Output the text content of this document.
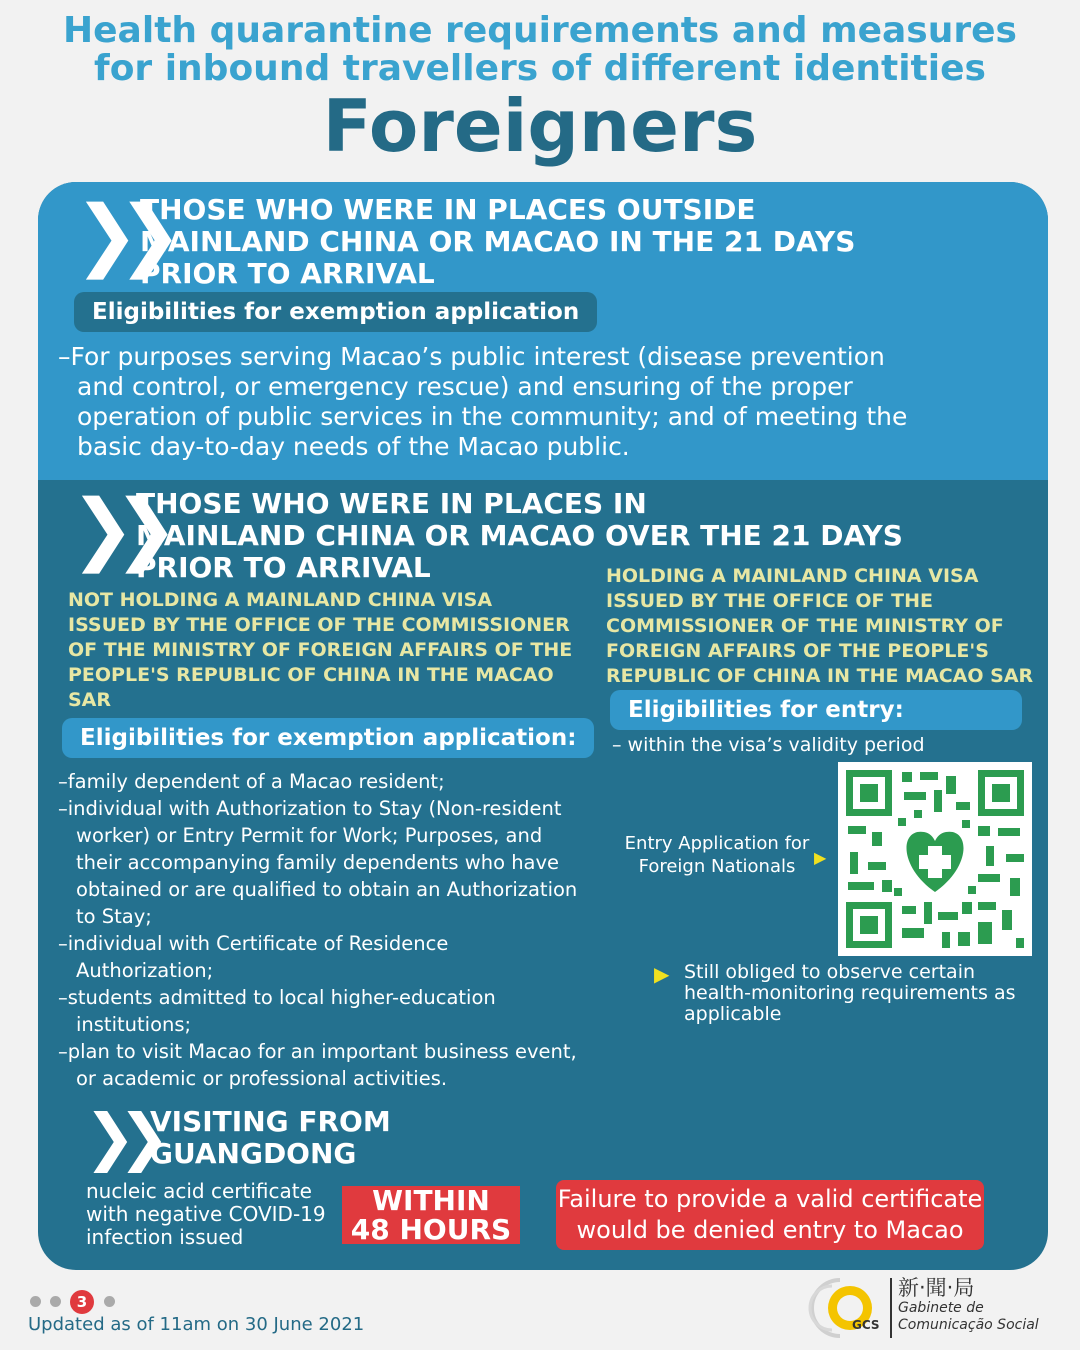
Health quarantine requirements and measures
for inbound travellers of different identities
Foreigners
❯❯
THOSE WHO WERE IN PLACES OUTSIDE
MAINLAND CHINA OR MACAO IN THE 21 DAYS
PRIOR TO ARRIVAL
Eligibilities for exemption application
–For purposes serving Macao’s public interest (disease prevention
and control, or emergency rescue) and ensuring of the proper
operation of public services in the community; and of meeting the
basic day-to-day needs of the Macao public.
❯❯
THOSE WHO WERE IN PLACES IN
MAINLAND CHINA OR MACAO OVER THE 21 DAYS
PRIOR TO ARRIVAL
NOT HOLDING A MAINLAND CHINA VISA
ISSUED BY THE OFFICE OF THE COMMISSIONER
OF THE MINISTRY OF FOREIGN AFFAIRS OF THE
PEOPLE'S REPUBLIC OF CHINA IN THE MACAO
SAR
Eligibilities for exemption application:
–family dependent of a Macao resident;
–individual with Authorization to Stay (Non-resident worker) or Entry Permit for Work; Purposes, and their accompanying family dependents who have obtained or are qualified to obtain an Authorization to Stay;
–individual with Certificate of Residence Authorization;
–students admitted to local higher-education institutions;
–plan to visit Macao for an important business event, or academic or professional activities.
HOLDING A MAINLAND CHINA VISA
ISSUED BY THE OFFICE OF THE
COMMISSIONER OF THE MINISTRY OF
FOREIGN AFFAIRS OF THE PEOPLE'S
REPUBLIC OF CHINA IN THE MACAO SAR
Eligibilities for entry:
– within the visa’s validity period
Entry Application for
Foreign Nationals	▶
▶ Still obliged to observe certain
health-monitoring requirements as
applicable
❯❯
VISITING FROM
GUANGDONG
nucleic acid certificate
with negative COVID-19
infection issued
WITHIN
48 HOURS
Failure to provide a valid certificate
would be denied entry to Macao
3
Updated as of 11am on 30 June 2021	GCS
新‧聞‧局
Gabinete de
Comunicação Social
